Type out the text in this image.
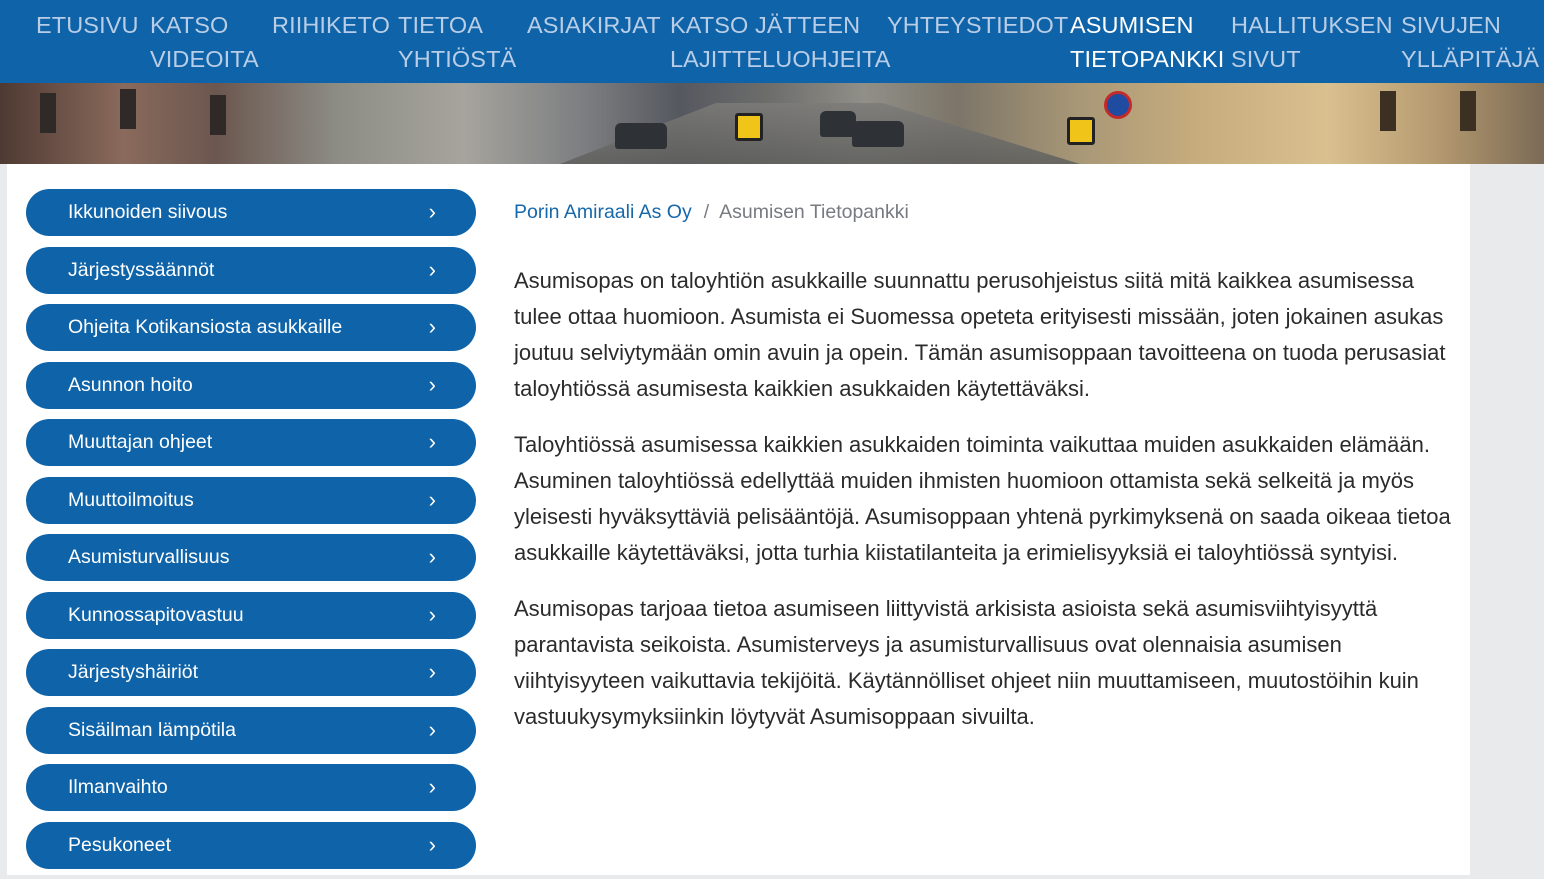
ETUSIVU KATSO
VIDEOITA
RIIHIKETO TIETOA
YHTIÖSTÄ
ASIAKIRJAT KATSO JÄTTEEN
LAJITTELUOHJEITA
YHTEYSTIEDOT ASUMISEN
TIETOPANKKI
HALLITUKSEN
SIVUT
SIVUJEN
YLLÄPITÄJÄ
Ikkunoiden siivous	›
Järjestyssäännöt	›
Ohjeita Kotikansiosta asukkaille	›
Asunnon hoito	›
Muuttajan ohjeet	›
Muuttoilmoitus	›
Asumisturvallisuus	›
Kunnossapitovastuu	›
Järjestyshäiriöt	›
Sisäilman lämpötila	›
Ilmanvaihto	›
Pesukoneet	›
Porin Amiraali As Oy / Asumisen Tietopankki

Asumisopas on taloyhtiön asukkaille suunnattu perusohjeistus siitä mitä kaikkea asumisessa tulee ottaa huomioon. Asumista ei Suomessa opeteta erityisesti missään, joten jokainen asukas joutuu selviytymään omin avuin ja opein. Tämän asumisoppaan tavoitteena on tuoda perusasiat taloyhtiössä asumisesta kaikkien asukkaiden käytettäväksi.

Taloyhtiössä asumisessa kaikkien asukkaiden toiminta vaikuttaa muiden asukkaiden elämään. Asuminen taloyhtiössä edellyttää muiden ihmisten huomioon ottamista sekä selkeitä ja myös yleisesti hyväksyttäviä pelisääntöjä. Asumisoppaan yhtenä pyrkimyksenä on saada oikeaa tietoa asukkaille käytettäväksi, jotta turhia kiistatilanteita ja erimielisyyksiä ei taloyhtiössä syntyisi.

Asumisopas tarjoaa tietoa asumiseen liittyvistä arkisista asioista sekä asumisviihtyisyyttä parantavista seikoista. Asumisterveys ja asumisturvallisuus ovat olennaisia asumisen viihtyisyyteen vaikuttavia tekijöitä. Käytännölliset ohjeet niin muuttamiseen, muutostöihin kuin vastuukysymyksiinkin löytyvät Asumisoppaan sivuilta.
